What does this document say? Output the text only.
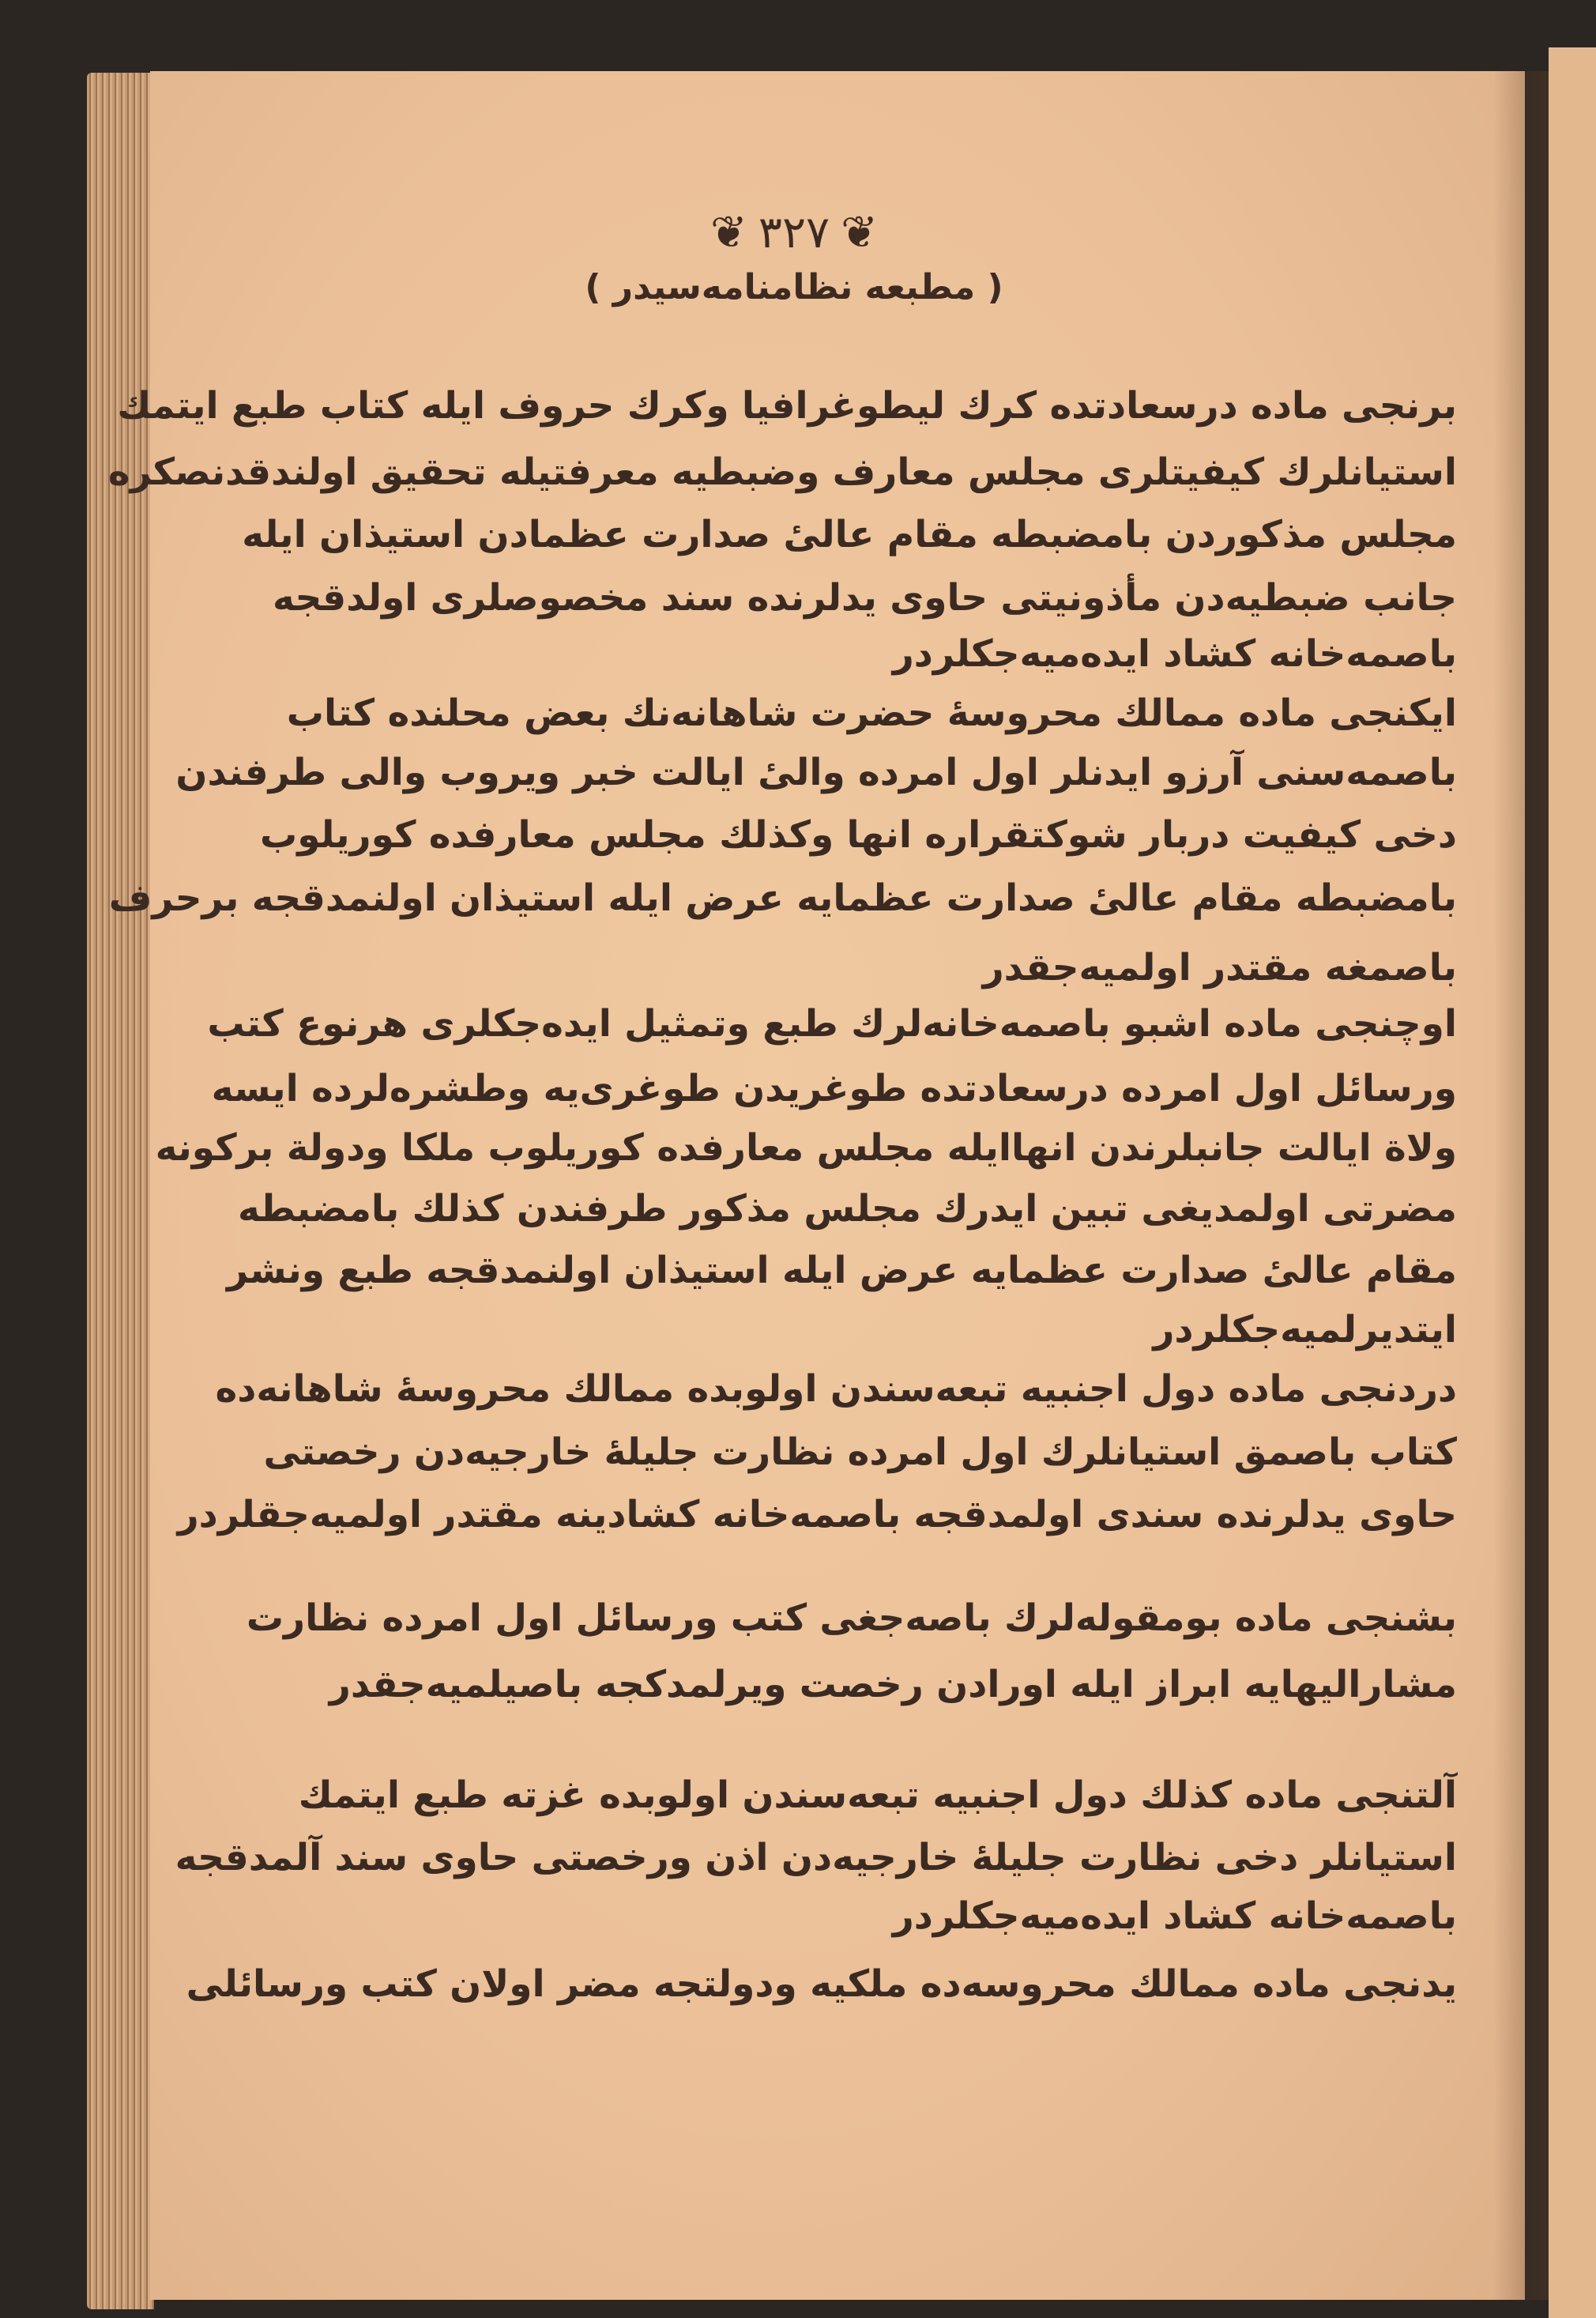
❦٣٢٧❦
( مطبعه نظامنامه‌سیدر )
برنجی ماده درسعادتده کرك لیطوغرافیا وکرك حروف ایله کتاب طبع ایتمك
استیانلرك کیفیتلری مجلس معارف وضبطیه معرفتیله تحقیق اولندقدنصکره
مجلس مذکوردن بامضبطه مقام عالیٔ صدارت عظمادن استیذان ایله
جانب ضبطیه‌دن مأذونیتی حاوی یدلرنده سند مخصوصلری اولدقجه
باصمه‌خانه کشاد ایده‌میه‌جکلردر
ایکنجی ماده ممالك محروسهٔ حضرت شاهانه‌نك بعض محلنده کتاب
باصمه‌سنی آرزو ایدنلر اول امرده والیٔ ایالت خبر ویروب والی طرفندن
دخی کیفیت دربار شوکتقراره انها وکذلك مجلس معارفده کوریلوب
بامضبطه مقام عالیٔ صدارت عظمایه عرض ایله استیذان اولنمدقجه برحرف
باصمغه مقتدر اولمیه‌جقدر
اوچنجی ماده اشبو باصمه‌خانه‌لرك طبع وتمثیل ایده‌جکلری هرنوع کتب
ورسائل اول امرده درسعادتده طوغریدن طوغری‌یه وطشره‌لرده ایسه
ولاة ایالت جانبلرندن انهاایله مجلس معارفده کوریلوب ملکا ودولة برکونه
مضرتی اولمدیغی تبین ایدرك مجلس مذکور طرفندن کذلك بامضبطه
مقام عالیٔ صدارت عظمایه عرض ایله استیذان اولنمدقجه طبع ونشر
ایتدیرلمیه‌جکلردر
دردنجی ماده دول اجنبیه تبعه‌سندن اولوبده ممالك محروسهٔ شاهانه‌ده
کتاب باصمق استیانلرك اول امرده نظارت جلیلهٔ خارجیه‌دن رخصتی
حاوی یدلرنده سندی اولمدقجه باصمه‌خانه کشادینه مقتدر اولمیه‌جقلردر
بشنجی ماده بومقوله‌لرك باصه‌جغی کتب ورسائل اول امرده نظارت
مشارالیهایه ابراز ایله اورادن رخصت ویرلمدکجه باصیلمیه‌جقدر
آلتنجی ماده کذلك دول اجنبیه تبعه‌سندن اولوبده غزته طبع ایتمك
استیانلر دخی نظارت جلیلهٔ خارجیه‌دن اذن ورخصتی حاوی سند آلمدقجه
باصمه‌خانه کشاد ایده‌میه‌جکلردر
یدنجی ماده ممالك محروسه‌ده ملکیه ودولتجه مضر اولان کتب ورسائلی
